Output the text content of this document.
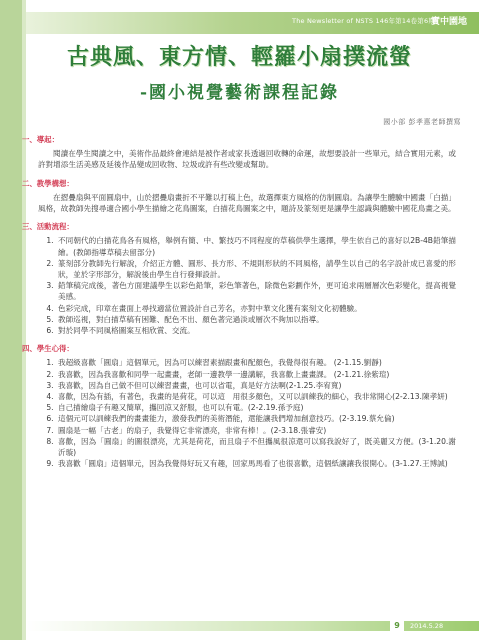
The Newsletter of NSTS 146年第14卷第6期
實中園地
古典風、東方情、輕羅小扇撲流螢
-國小視覺藝術課程記錄
國小部 彭孝惠老師撰寫
一、導起：

閱讀在學生閱讀之中，美術作品最終會連結是被作者或家長透過回收轉的命運，故想要設計一些單元，結合實用元素，或許對增添生活美感及延後作品變成回收物、垃圾或許有些改變或幫助。

二、教學構想：

在摺疊扇與平面圓扇中，山於摺疊扇畫折不平難以打稿上色，故選擇東方風格的仿制圓扇。為讓學生體驗中國畫「白描」風格，故教師先搜尋適合國小學生描繪之花鳥圖案，白描花鳥圖案之中，題詩及篆刻更是讓學生認識與體驗中國花鳥畫之美。

三、活動流程：
1. 不同朝代的白描花鳥各有風格，舉例有簡、中、繁技巧不同程度的草稿供學生選擇，學生依自己的喜好以2B-4B鉛筆描繪。(教師指導草稿去留部分)
2. 篆刻部分教師先行解說，介紹正方體、圓形、長方形、不規則形狀的不同風格，請學生以自己的名字設計成已喜愛的形狀，並於字形部分，解說後由學生自行發揮設計。
3. 鉛筆稿完成後，著色方面建議學生以彩色鉛筆，彩色筆著色，除微色彩劃作外，更可追求兩層層次色彩變化，提高視覺美感。
4. 色彩完成，印章在畫面上尋找適當位置設計自己芳名，亦對中華文化獲有案刻文化初體驗。
5. 教師巡視，對白描草稿有困難、配色不出、顏色著完過淡或層次不夠加以指導。
6. 對於同學不同風格圖案互相欣賞、交流。
四、學生心得：
1. 我超級喜歡「圓扇」這個單元，因為可以練習素描跟畫和配顏色，我覺得很有趣。 (2-1.15.劉靜)
2. 我喜歡，因為我喜歡和同學一起畫畫，老師一邊教學一邊講解，我喜歡上畫畫課。 (2-1.21.徐紫瑄)
3. 我喜歡，因為自己做不但可以練習畫畫，也可以省電，真是好方法啊(2-1.25.李宥寬)
4. 喜歡，因為有插，有著色，我畫的是荷花，可以這　用很多顏色，又可以訓練我的細心，我非常開心(2-2.13.陳孝妍)
5. 自己描繪扇子有趣又簡單，攜回涼又舒服，也可以有電。(2-2.19.孫予庭)
6. 這個元可以訓練我們的畫畫能力，激發我們的美術潛能，還能讓我們增加創意技巧。(2-3.19.蔡允倫)
7. 圓扇是一幅「古老」的扇子，我覺得它非常漂亮，非常有棒！。(2-3.18.張睿安)
8. 喜歡，因為「圓扇」的圖很漂亮，尤其是荷花，而且扇子不但攜風很涼還可以寫我說好了，既美麗又方便。(3-1.20.謝沂璇)
9. 我喜歡「圓扇」這個單元，因為我覺得好玩又有趣，回家馬馬看了也很喜歡，這個紙讓讓我很開心。(3-1.27.王博誠)
9	2014.5.28
